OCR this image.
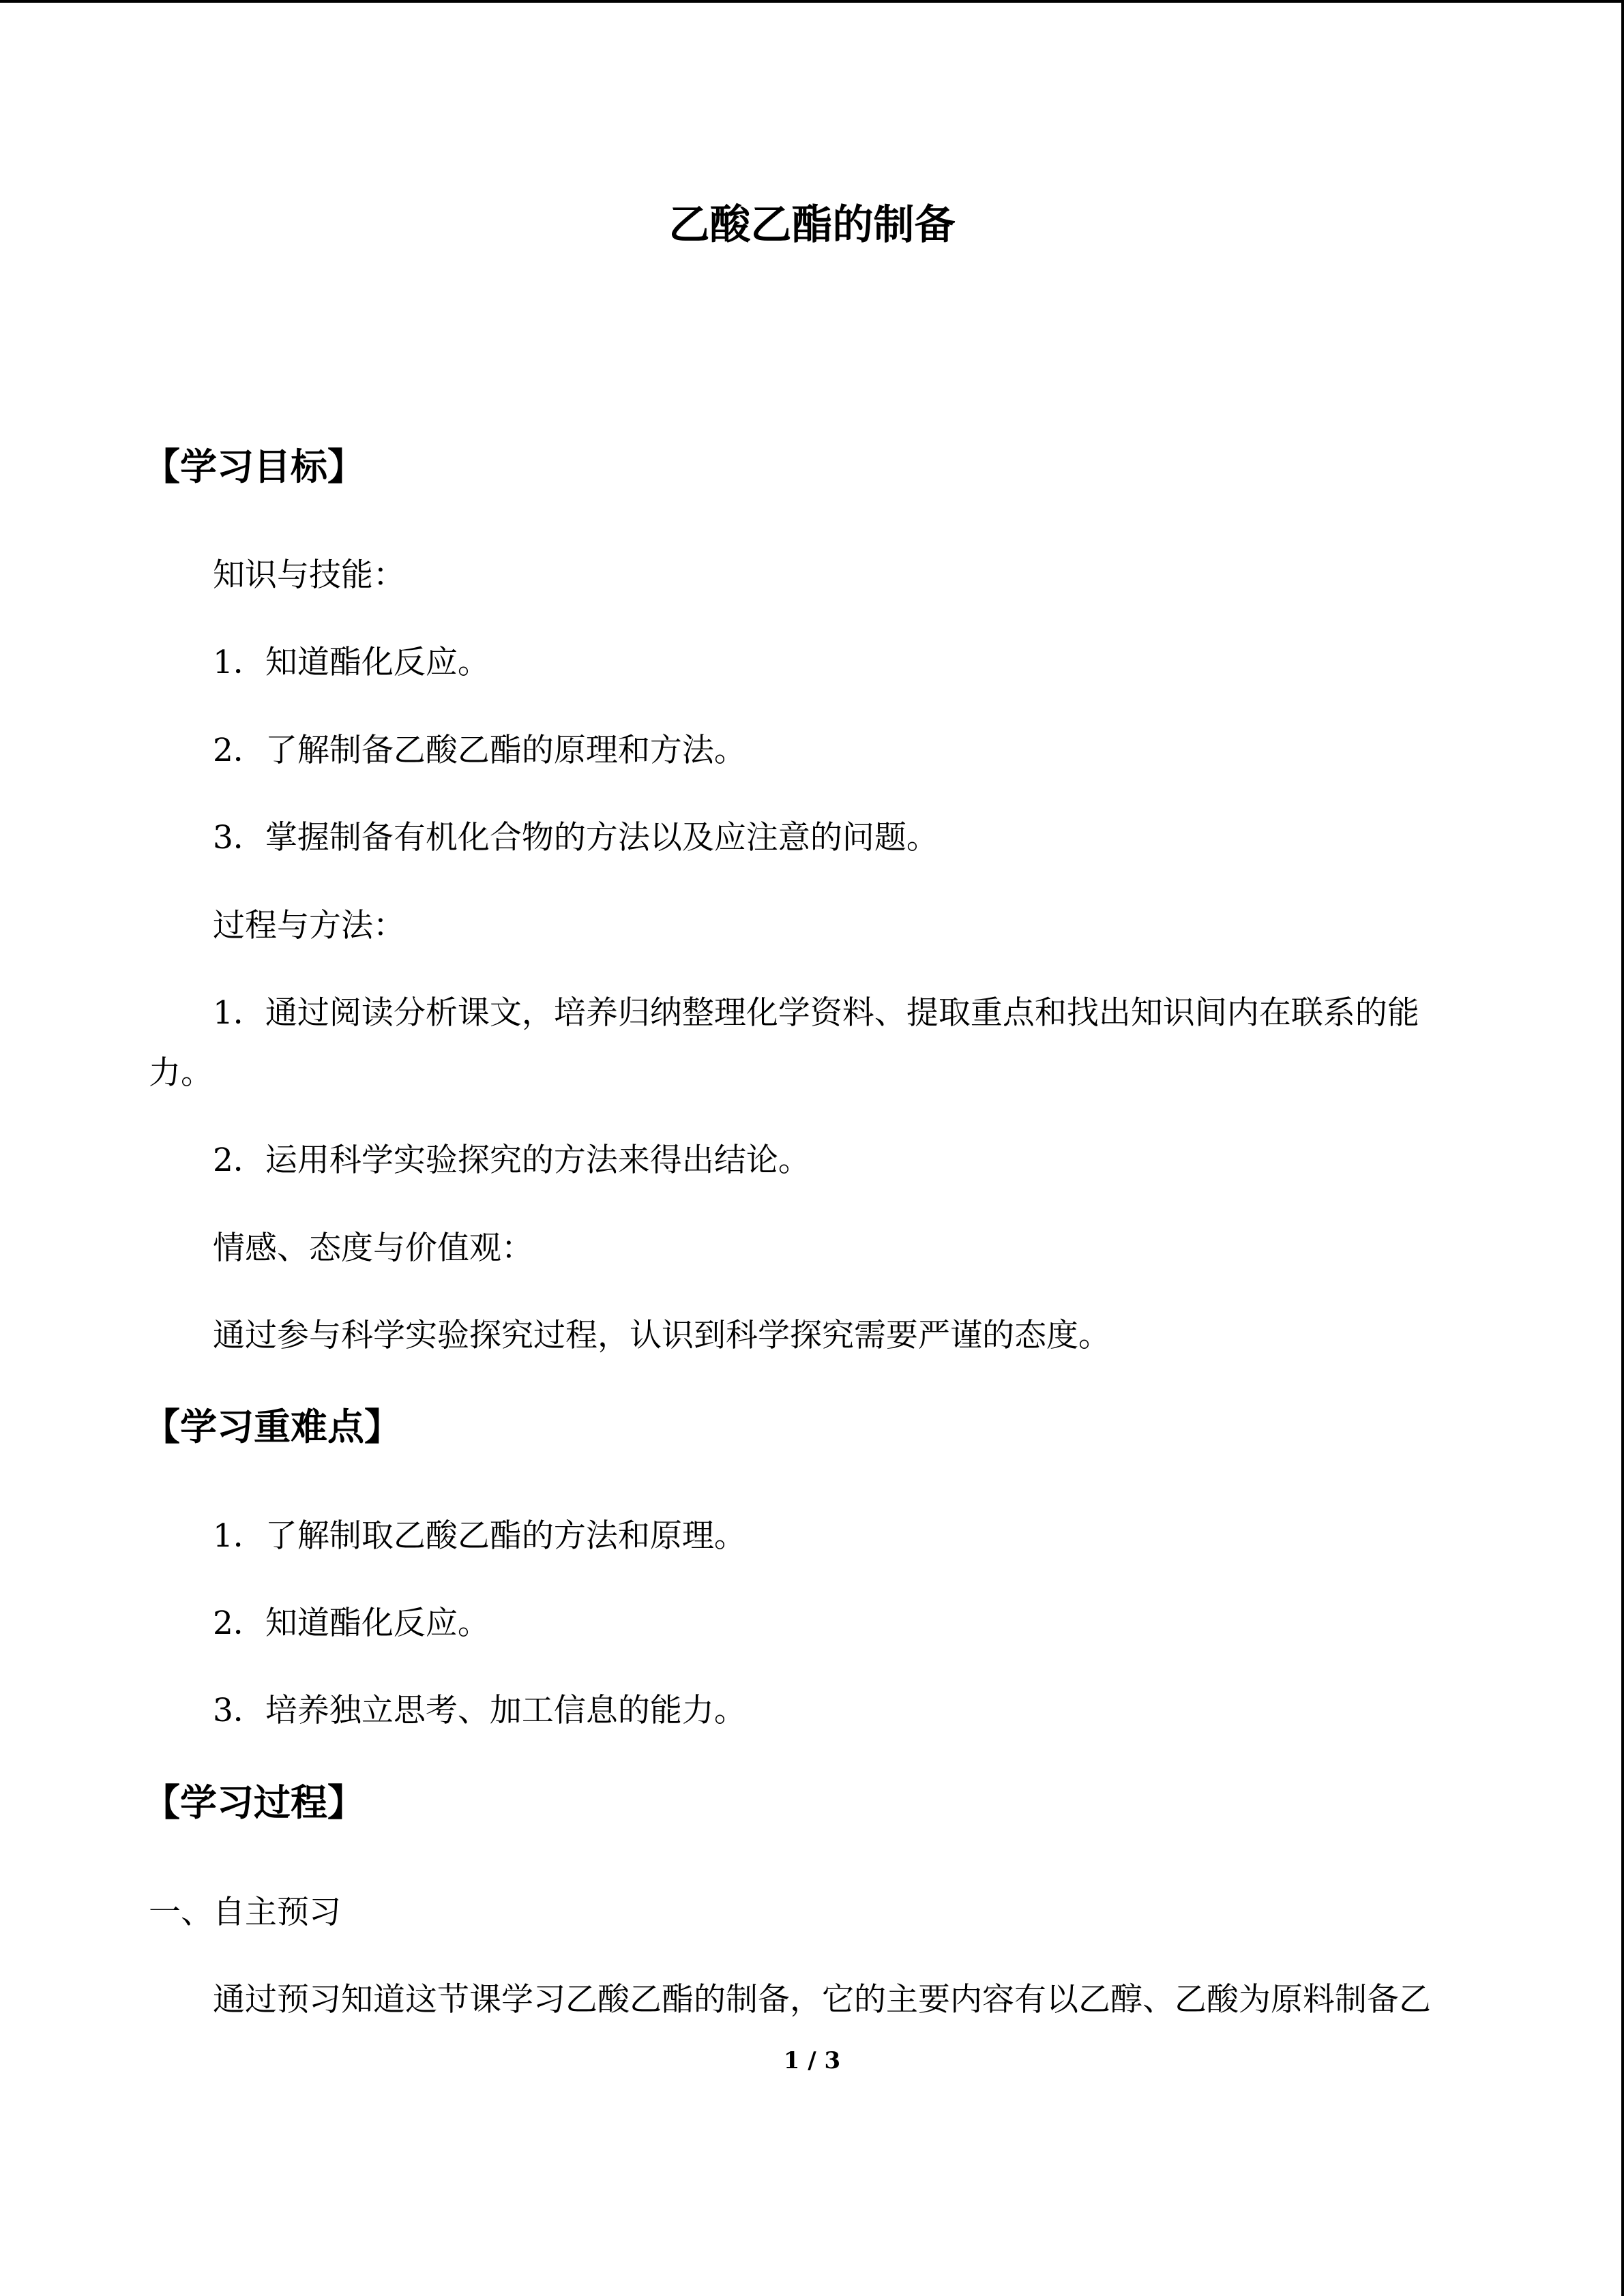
乙酸乙酯的制备
【学习目标】
知识与技能：
1．知道酯化反应。
2．了解制备乙酸乙酯的原理和方法。
3．掌握制备有机化合物的方法以及应注意的问题。
过程与方法：
1．通过阅读分析课文，培养归纳整理化学资料、提取重点和找出知识间内在联系的能
力。
2．运用科学实验探究的方法来得出结论。
情感、态度与价值观：
通过参与科学实验探究过程，认识到科学探究需要严谨的态度。
【学习重难点】
1．了解制取乙酸乙酯的方法和原理。
2．知道酯化反应。
3．培养独立思考、加工信息的能力。
【学习过程】
一、自主预习
通过预习知道这节课学习乙酸乙酯的制备，它的主要内容有以乙醇、乙酸为原料制备乙
1 / 3
